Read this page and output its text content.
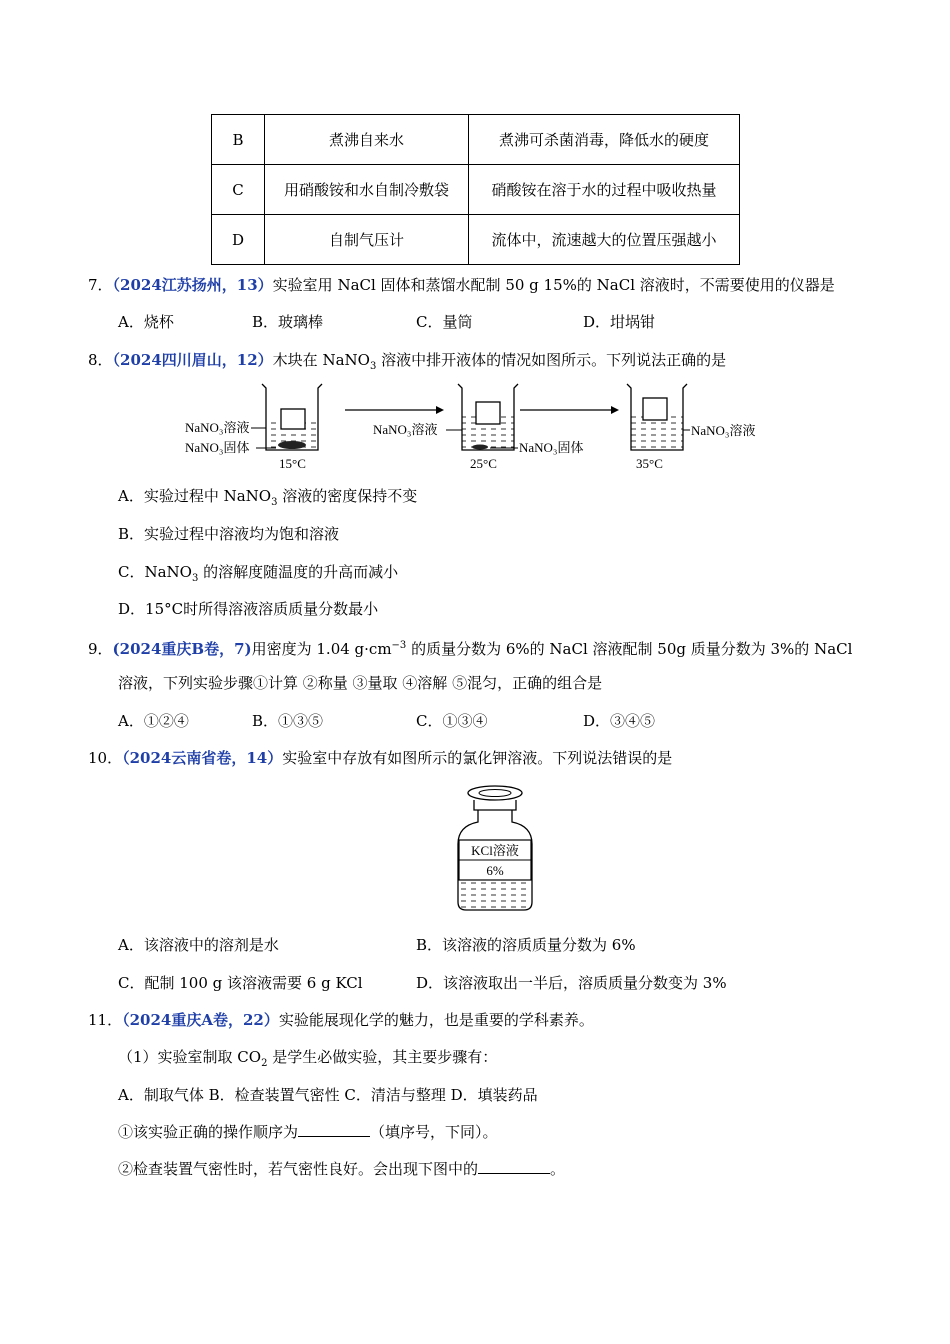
B	煮沸自来水	煮沸可杀菌消毒，降低水的硬度
C	用硝酸铵和水自制冷敷袋	硝酸铵在溶于水的过程中吸收热量
D	自制气压计	流体中，流速越大的位置压强越小
7．（2024江苏扬州，13）实验室用 NaCl 固体和蒸馏水配制 50 g 15%的 NaCl 溶液时，不需要使用的仪器是
A．烧杯	B．玻璃棒	C．量筒	D．坩埚钳
8．（2024四川眉山，12）木块在 NaNO$_3$ 溶液中排开液体的情况如图所示。下列说法正确的是
NaNO₃溶液
NaNO₃固体
15°C
NaNO₃溶液
NaNO₃固体
25°C
NaNO₃溶液
35°C
A．实验过程中 NaNO$_3$ 溶液的密度保持不变
B．实验过程中溶液均为饱和溶液
C．NaNO$_3$ 的溶解度随温度的升高而减小
D．15°C时所得溶液溶质质量分数最小
9．(2024重庆B卷，7)用密度为 1.04 $g\cdot cm^{-3}$ 的质量分数为 6%的 NaCl 溶液配制 50g 质量分数为 3%的 NaCl
溶液，下列实验步骤①计算 ②称量 ③量取 ④溶解 ⑤混匀，正确的组合是
A．①②④	B．①③⑤	C．①③④	D．③④⑤
10．（2024云南省卷，14）实验室中存放有如图所示的氯化钾溶液。下列说法错误的是
KCl溶液
6%
A．该溶液中的溶剂是水	B．该溶液的溶质质量分数为 6%
C．配制 100 g 该溶液需要 6 g KCl	D．该溶液取出一半后，溶质质量分数变为 3%
11．（2024重庆A卷，22）实验能展现化学的魅力，也是重要的学科素养。
（1）实验室制取 $CO_2$ 是学生必做实验，其主要步骤有：
A．制取气体 B．检查装置气密性 C．清洁与整理 D．填装药品
①该实验正确的操作顺序为	（填序号，下同）。
②检查装置气密性时，若气密性良好。会出现下图中的	。
